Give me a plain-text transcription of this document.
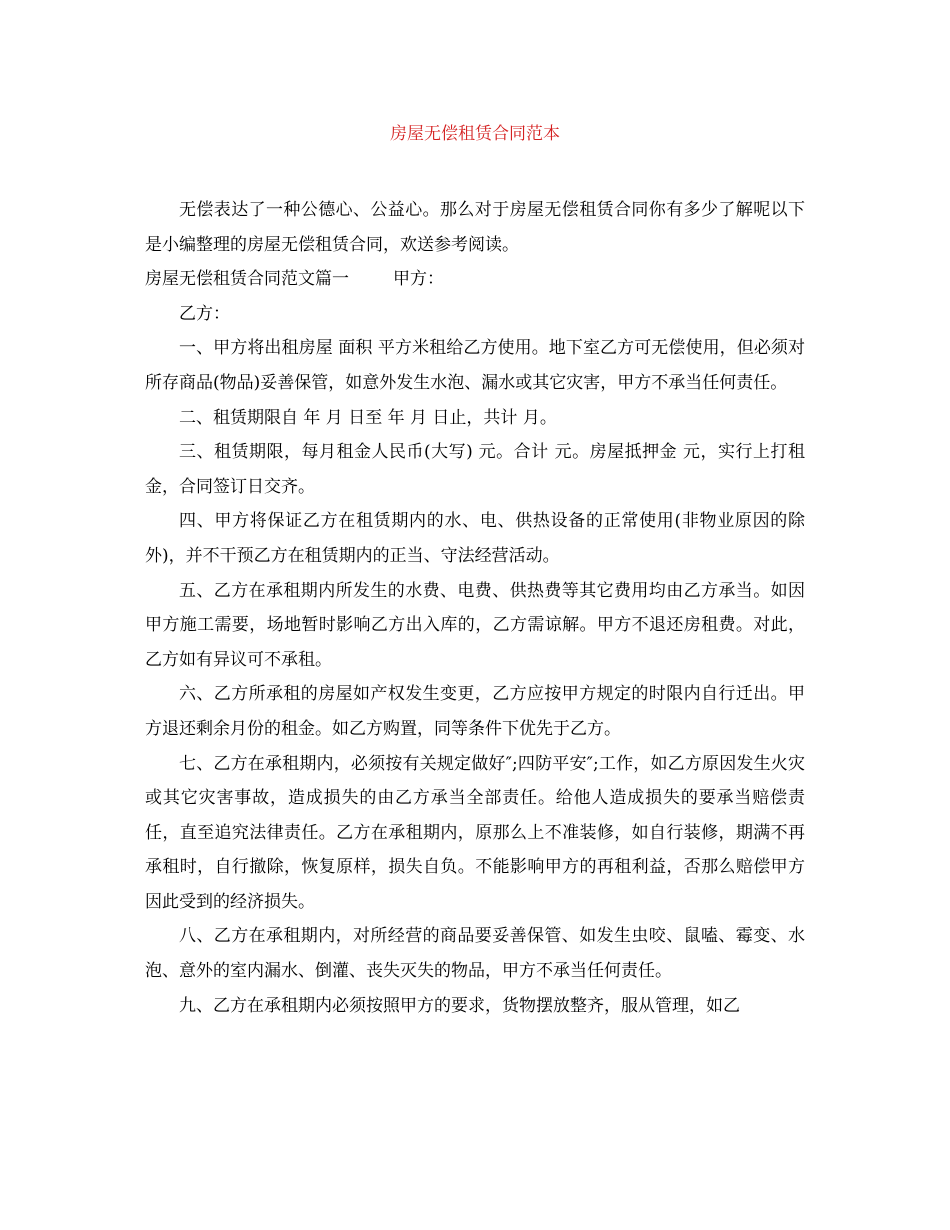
房屋无偿租赁合同范本

无偿表达了一种公德心、公益心。那么对于房屋无偿租赁合同你有多少了解呢以下是小编整理的房屋无偿租赁合同，欢送参考阅读。

房屋无偿租赁合同范文篇一	甲方：

乙方：

一、甲方将出租房屋 面积 平方米租给乙方使用。地下室乙方可无偿使用，但必须对所存商品(物品)妥善保管，如意外发生水泡、漏水或其它灾害，甲方不承当任何责任。

二、租赁期限自 年 月 日至 年 月 日止，共计 月。

三、租赁期限，每月租金人民币(大写) 元。合计 元。房屋抵押金 元，实行上打租金，合同签订日交齐。

四、甲方将保证乙方在租赁期内的水、电、供热设备的正常使用(非物业原因的除外)，并不干预乙方在租赁期内的正当、守法经营活动。

五、乙方在承租期内所发生的水费、电费、供热费等其它费用均由乙方承当。如因甲方施工需要，场地暂时影响乙方出入库的，乙方需谅解。甲方不退还房租费。对此，乙方如有异议可不承租。

六、乙方所承租的房屋如产权发生变更，乙方应按甲方规定的时限内自行迁出。甲方退还剩余月份的租金。如乙方购置，同等条件下优先于乙方。

七、乙方在承租期内，必须按有关规定做好″;四防平安″;工作，如乙方原因发生火灾或其它灾害事故，造成损失的由乙方承当全部责任。给他人造成损失的要承当赔偿责任，直至追究法律责任。乙方在承租期内，原那么上不准装修，如自行装修，期满不再承租时，自行撤除，恢复原样，损失自负。不能影响甲方的再租利益，否那么赔偿甲方因此受到的经济损失。

八、乙方在承租期内，对所经营的商品要妥善保管、如发生虫咬、鼠嗑、霉变、水泡、意外的室内漏水、倒灌、丧失灭失的物品，甲方不承当任何责任。

九、乙方在承租期内必须按照甲方的要求，货物摆放整齐，服从管理，如乙
